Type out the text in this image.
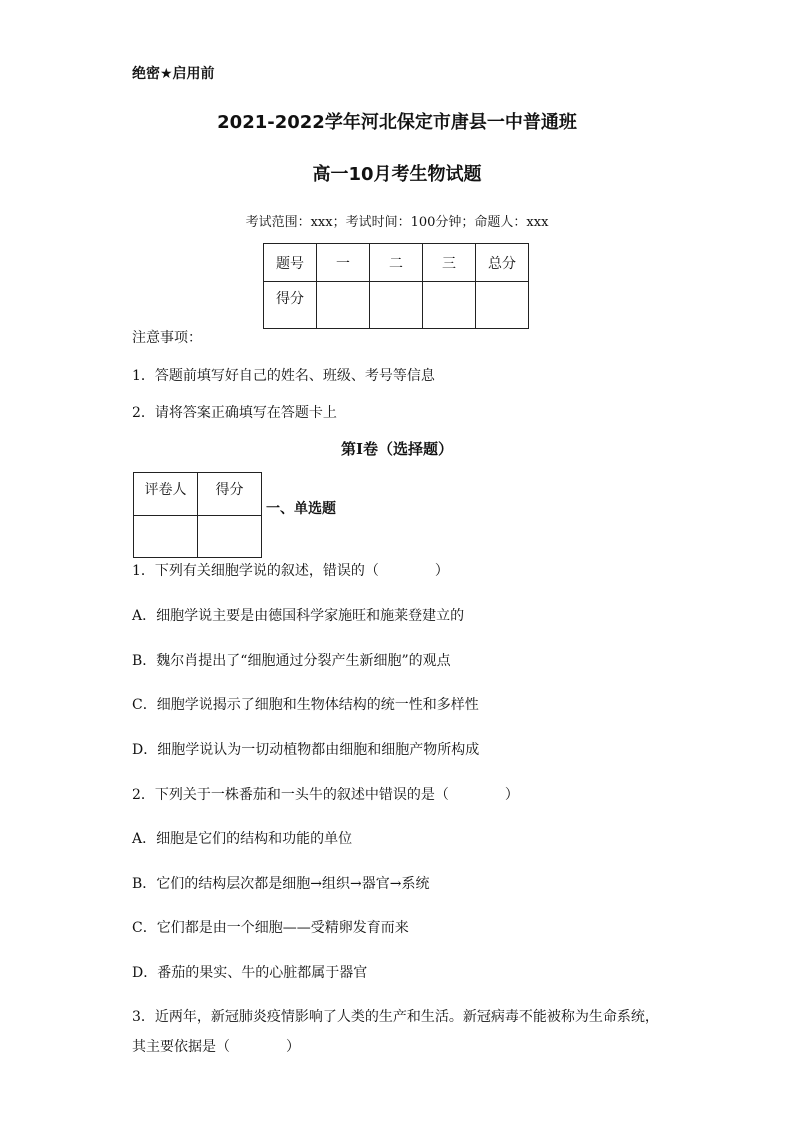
绝密★启用前
2021-2022学年河北保定市唐县一中普通班
高一10月考生物试题
考试范围：xxx；考试时间：100分钟；命题人：xxx
题号	一	二	三	总分
得分				
注意事项：
1．答题前填写好自己的姓名、班级、考号等信息
2．请将答案正确填写在答题卡上
第I卷（选择题）
评卷人	得分

一、单选题
1．下列有关细胞学说的叙述，错误的（　　　　）
A．细胞学说主要是由德国科学家施旺和施莱登建立的
B．魏尔肖提出了“细胞通过分裂产生新细胞”的观点
C．细胞学说揭示了细胞和生物体结构的统一性和多样性
D．细胞学说认为一切动植物都由细胞和细胞产物所构成
2．下列关于一株番茄和一头牛的叙述中错误的是（　　　　）
A．细胞是它们的结构和功能的单位
B．它们的结构层次都是细胞→组织→器官→系统
C．它们都是由一个细胞——受精卵发育而来
D．番茄的果实、牛的心脏都属于器官
3．近两年，新冠肺炎疫情影响了人类的生产和生活。新冠病毒不能被称为生命系统，
其主要依据是（　　　　）
